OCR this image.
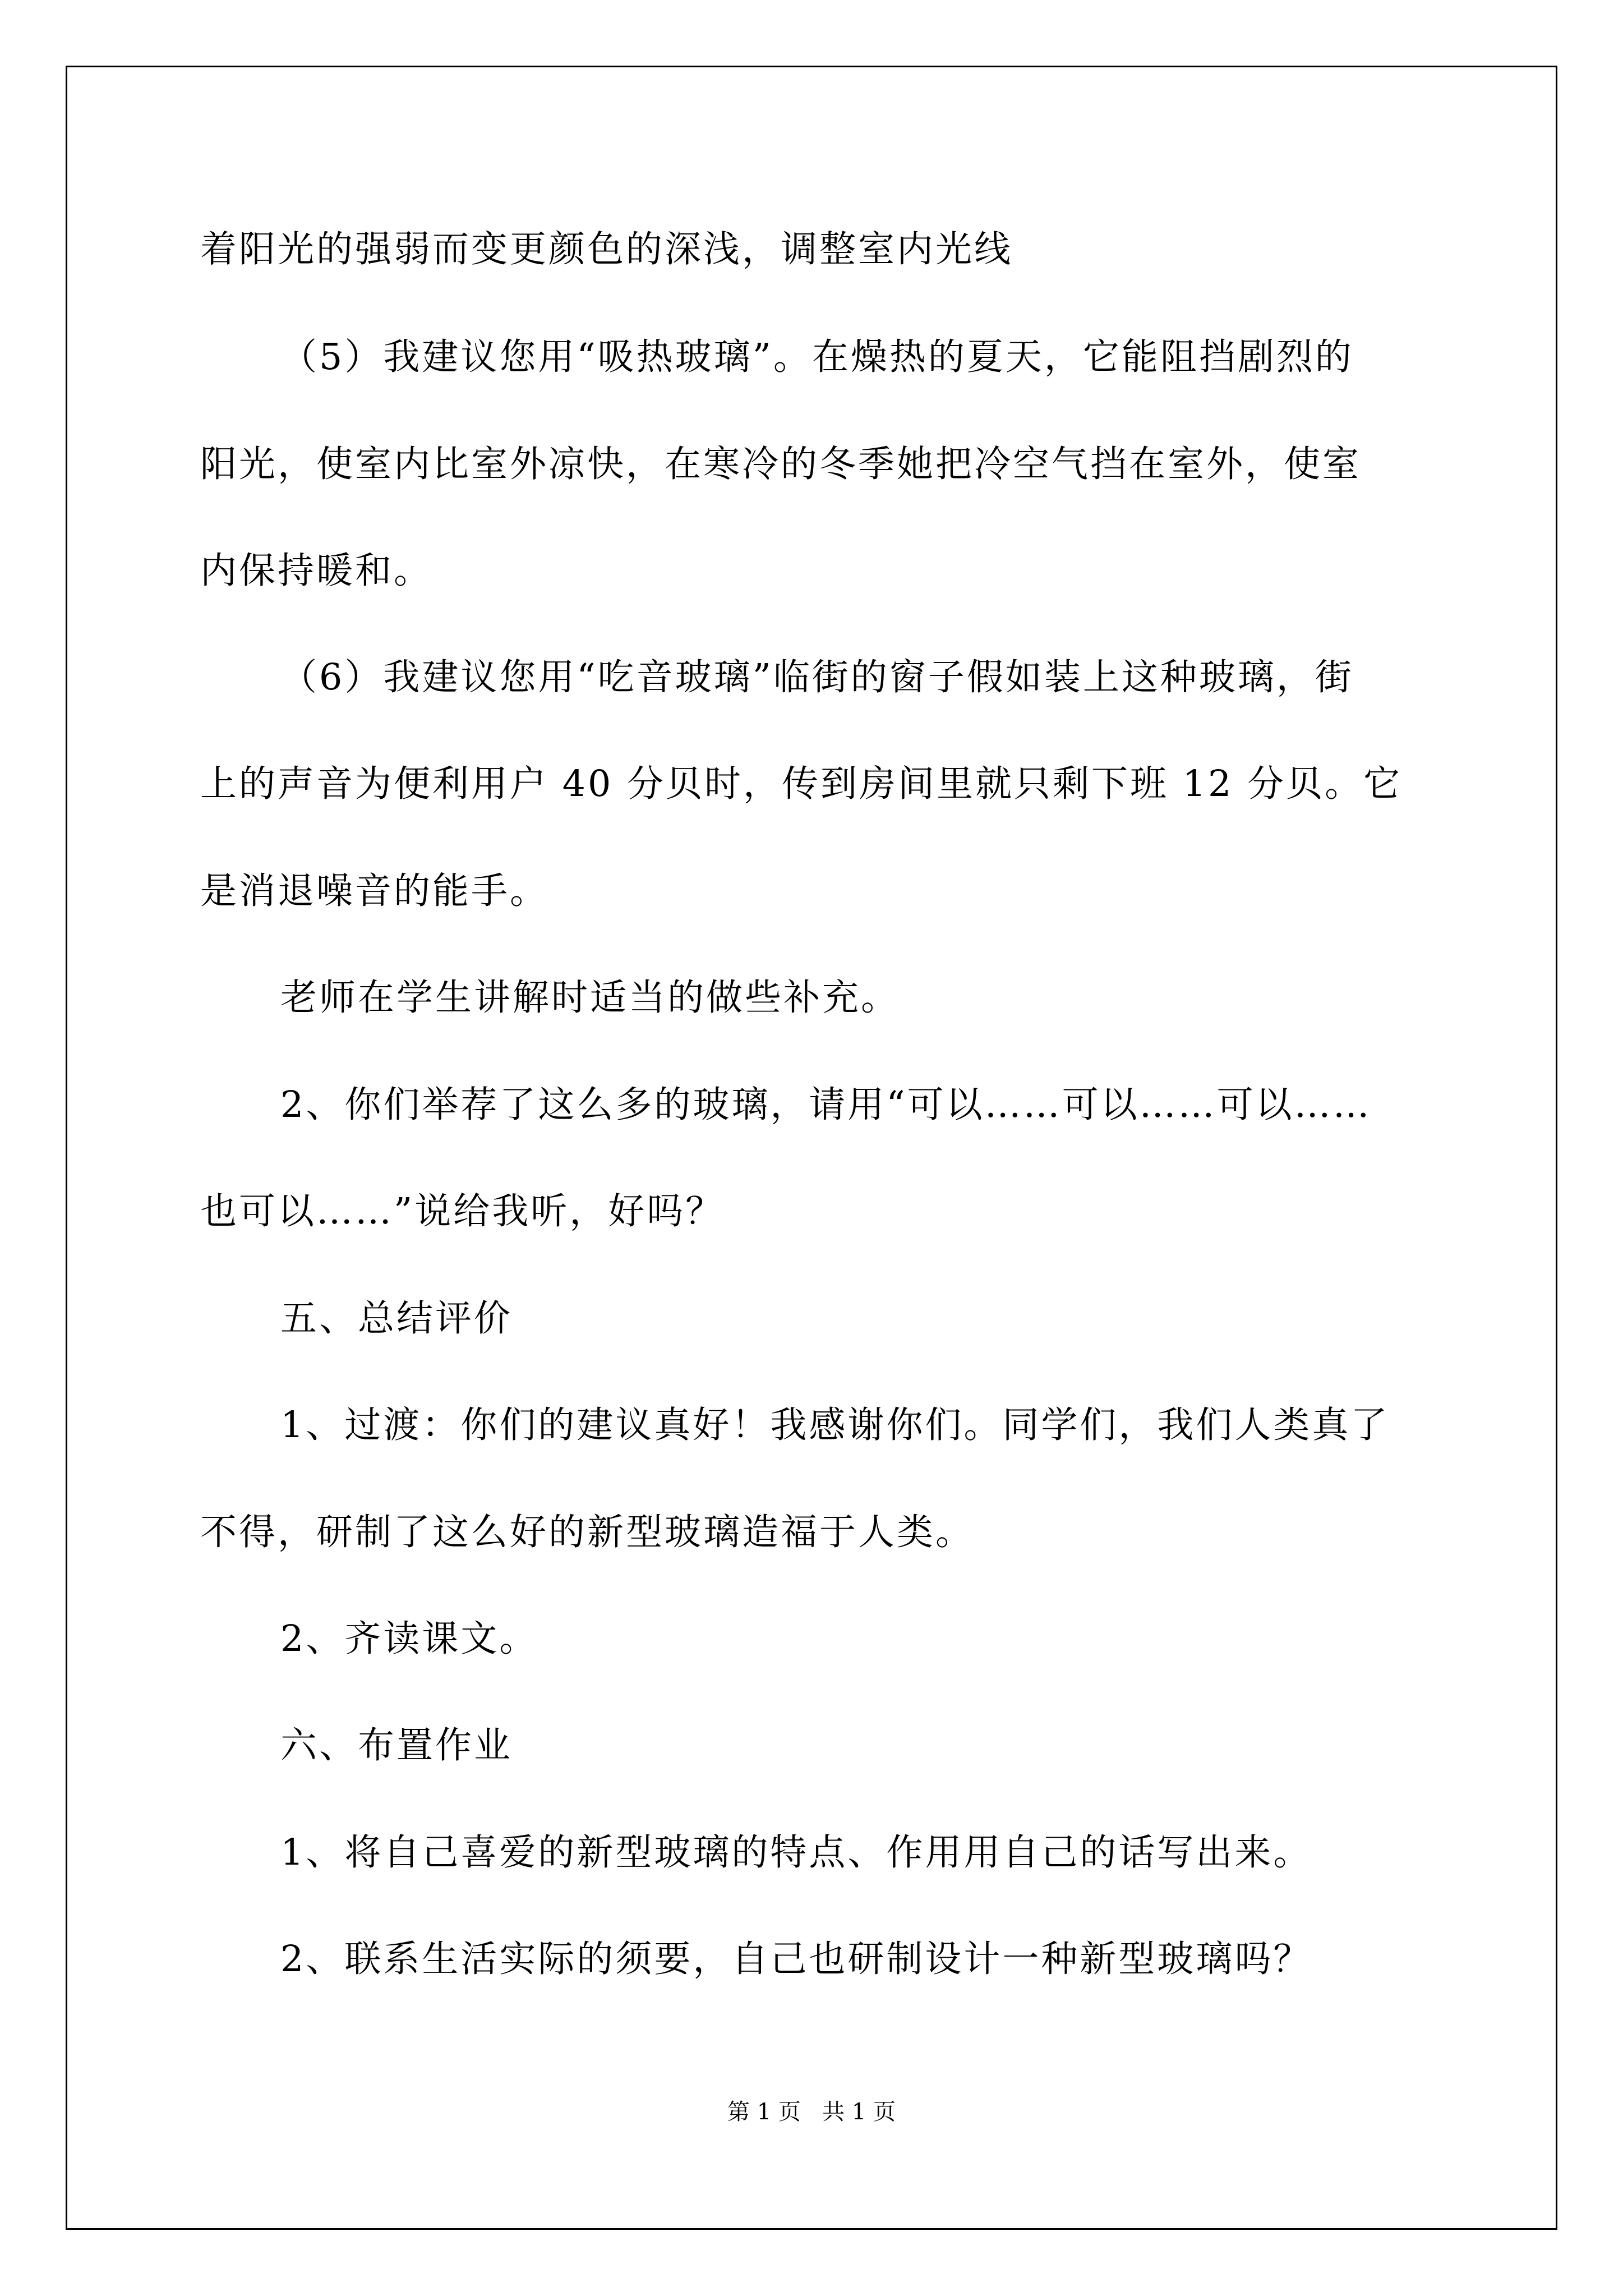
着阳光的强弱而变更颜色的深浅，调整室内光线
（5）我建议您用“吸热玻璃”。在燥热的夏天，它能阻挡剧烈的
阳光，使室内比室外凉快，在寒冷的冬季她把冷空气挡在室外，使室
内保持暖和。
（6）我建议您用“吃音玻璃”临街的窗子假如装上这种玻璃，街
上的声音为便利用户 40 分贝时，传到房间里就只剩下班 12 分贝。它
是消退噪音的能手。
老师在学生讲解时适当的做些补充。
2、你们举荐了这么多的玻璃，请用“可以……可以……可以……
也可以……”说给我听，好吗？
五、总结评价
1、过渡：你们的建议真好！我感谢你们。同学们，我们人类真了
不得，研制了这么好的新型玻璃造福于人类。
2、齐读课文。
六、布置作业
1、将自己喜爱的新型玻璃的特点、作用用自己的话写出来。
2、联系生活实际的须要，自己也研制设计一种新型玻璃吗？
第 1 页   共 1 页
